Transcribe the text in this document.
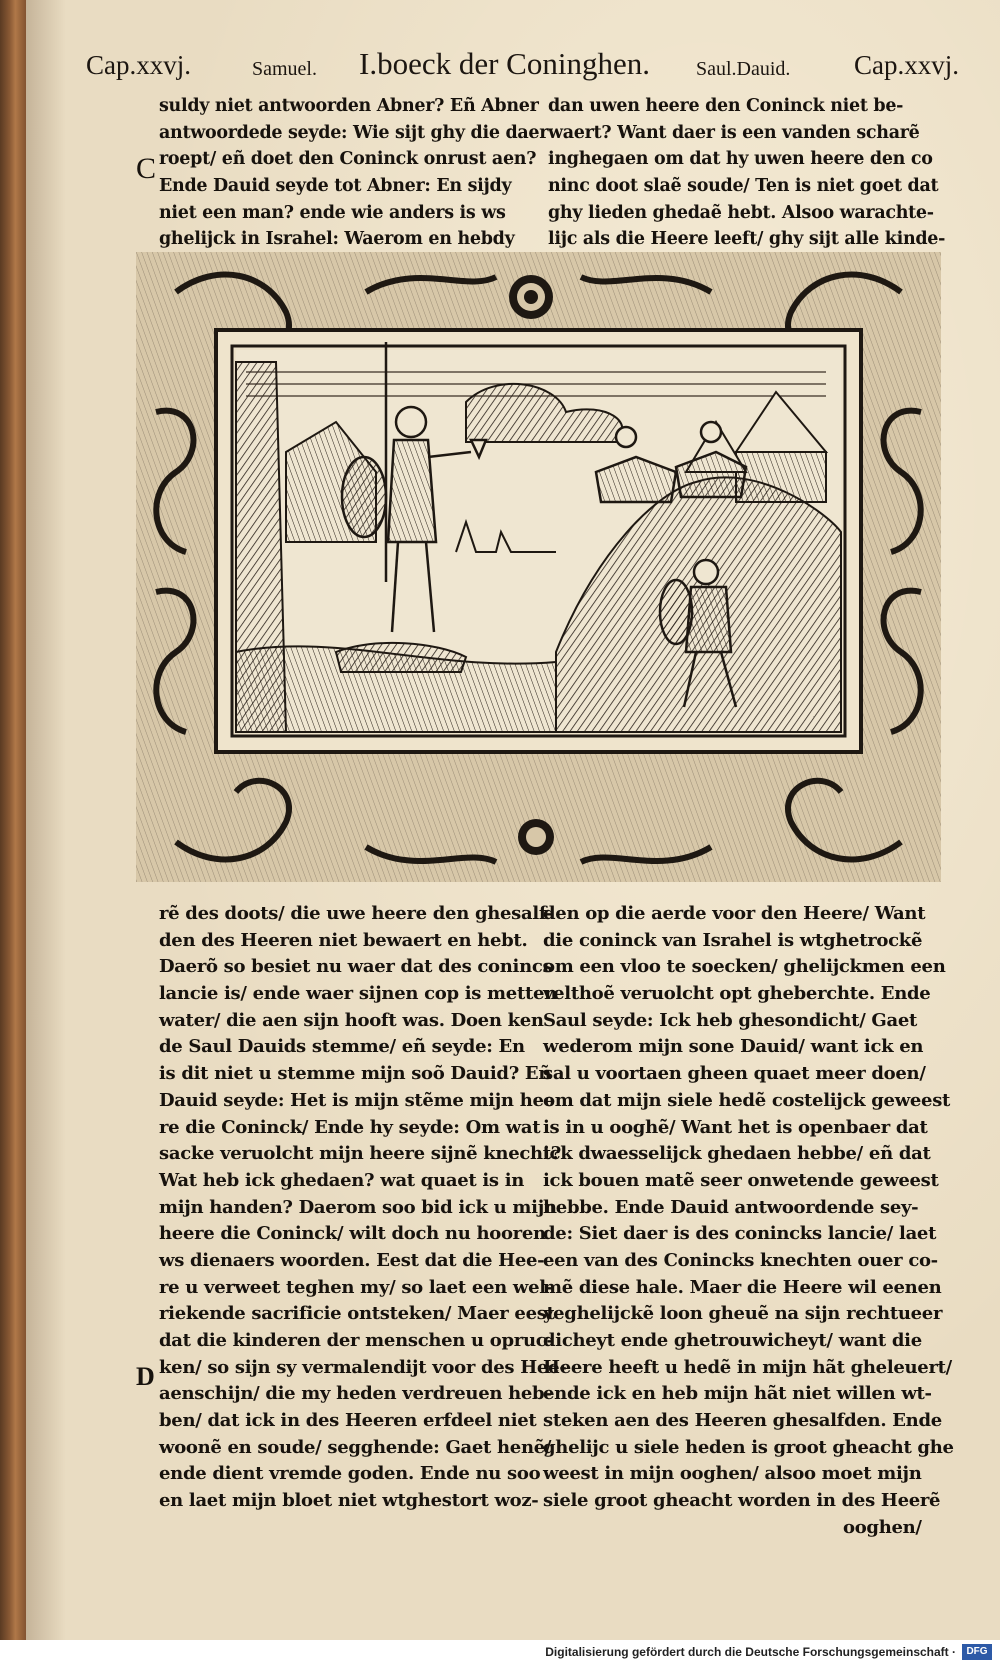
Cap.xxvj.	Samuel. I.boeck der Coninghen. Saul.Dauid. Cap.xxvj.
C
D
suldy niet antwoorden Abner? Eñ Abner
antwoordede seyde: Wie sijt ghy die daer
roept/ eñ doet den Coninck onrust aen?
Ende Dauid seyde tot Abner: En sijdy
niet een man? ende wie anders is ws
ghelijck in Israhel: Waerom en hebdy
dan uwen heere den Coninck niet be-
waert? Want daer is een vanden scharẽ
inghegaen om dat hy uwen heere den co
ninc doot slaẽ soude/ Ten is niet goet dat
ghy lieden ghedaẽ hebt. Alsoo warachte-
lijc als die Heere leeft/ ghy sijt alle kinde-
rẽ des doots/ die uwe heere den ghesalf-
den des Heeren niet bewaert en hebt.
Daerõ so besiet nu waer dat des conincs
lancie is/ ende waer sijnen cop is metten
water/ die aen sijn hooft was. Doen ken
de Saul Dauids stemme/ eñ seyde: En
is dit niet u stemme mijn soõ Dauid? Eñ
Dauid seyde: Het is mijn stẽme mijn hee
re die Coninck/ Ende hy seyde: Om wat
sacke veruolcht mijn heere sijnẽ knecht?
Wat heb ick ghedaen? wat quaet is in
mijn handen? Daerom soo bid ick u mijn
heere die Coninck/ wilt doch nu hooren
ws dienaers woorden. Eest dat die Hee-
re u verweet teghen my/ so laet een wel-
riekende sacrificie ontsteken/ Maer eest
dat die kinderen der menschen u opruc-
ken/ so sijn sy vermalendijt voor des Hee-
aenschijn/ die my heden verdreuen heb-
ben/ dat ick in des Heeren erfdeel niet
woonẽ en soude/ segghende: Gaet henẽ/
ende dient vremde goden. Ende nu soo
en laet mijn bloet niet wtghestort woz-
den op die aerde voor den Heere/ Want
die coninck van Israhel is wtghetrockẽ
om een vloo te soecken/ ghelijckmen een
velthoẽ veruolcht opt gheberchte. Ende
Saul seyde: Ick heb ghesondicht/ Gaet
wederom mijn sone Dauid/ want ick en
sal u voortaen gheen quaet meer doen/
om dat mijn siele hedẽ costelijck geweest
is in u ooghẽ/ Want het is openbaer dat
ick dwaesselijck ghedaen hebbe/ eñ dat
ick bouen matẽ seer onwetende geweest
hebbe. Ende Dauid antwoordende sey-
de: Siet daer is des conincks lancie/ laet
een van des Conincks knechten ouer co-
mẽ diese hale. Maer die Heere wil eenen
yeghelijckẽ loon gheuẽ na sijn rechtueer
dicheyt ende ghetrouwicheyt/ want die
Heere heeft u hedẽ in mijn hãt gheleuert/
ende ick en heb mijn hãt niet willen wt-
steken aen des Heeren ghesalfden. Ende
ghelijc u siele heden is groot gheacht ghe
weest in mijn ooghen/ alsoo moet mijn
siele groot gheacht worden in des Heerẽ
ooghen/
Digitalisierung gefördert durch die Deutsche Forschungsgemeinschaft ·	DFG
